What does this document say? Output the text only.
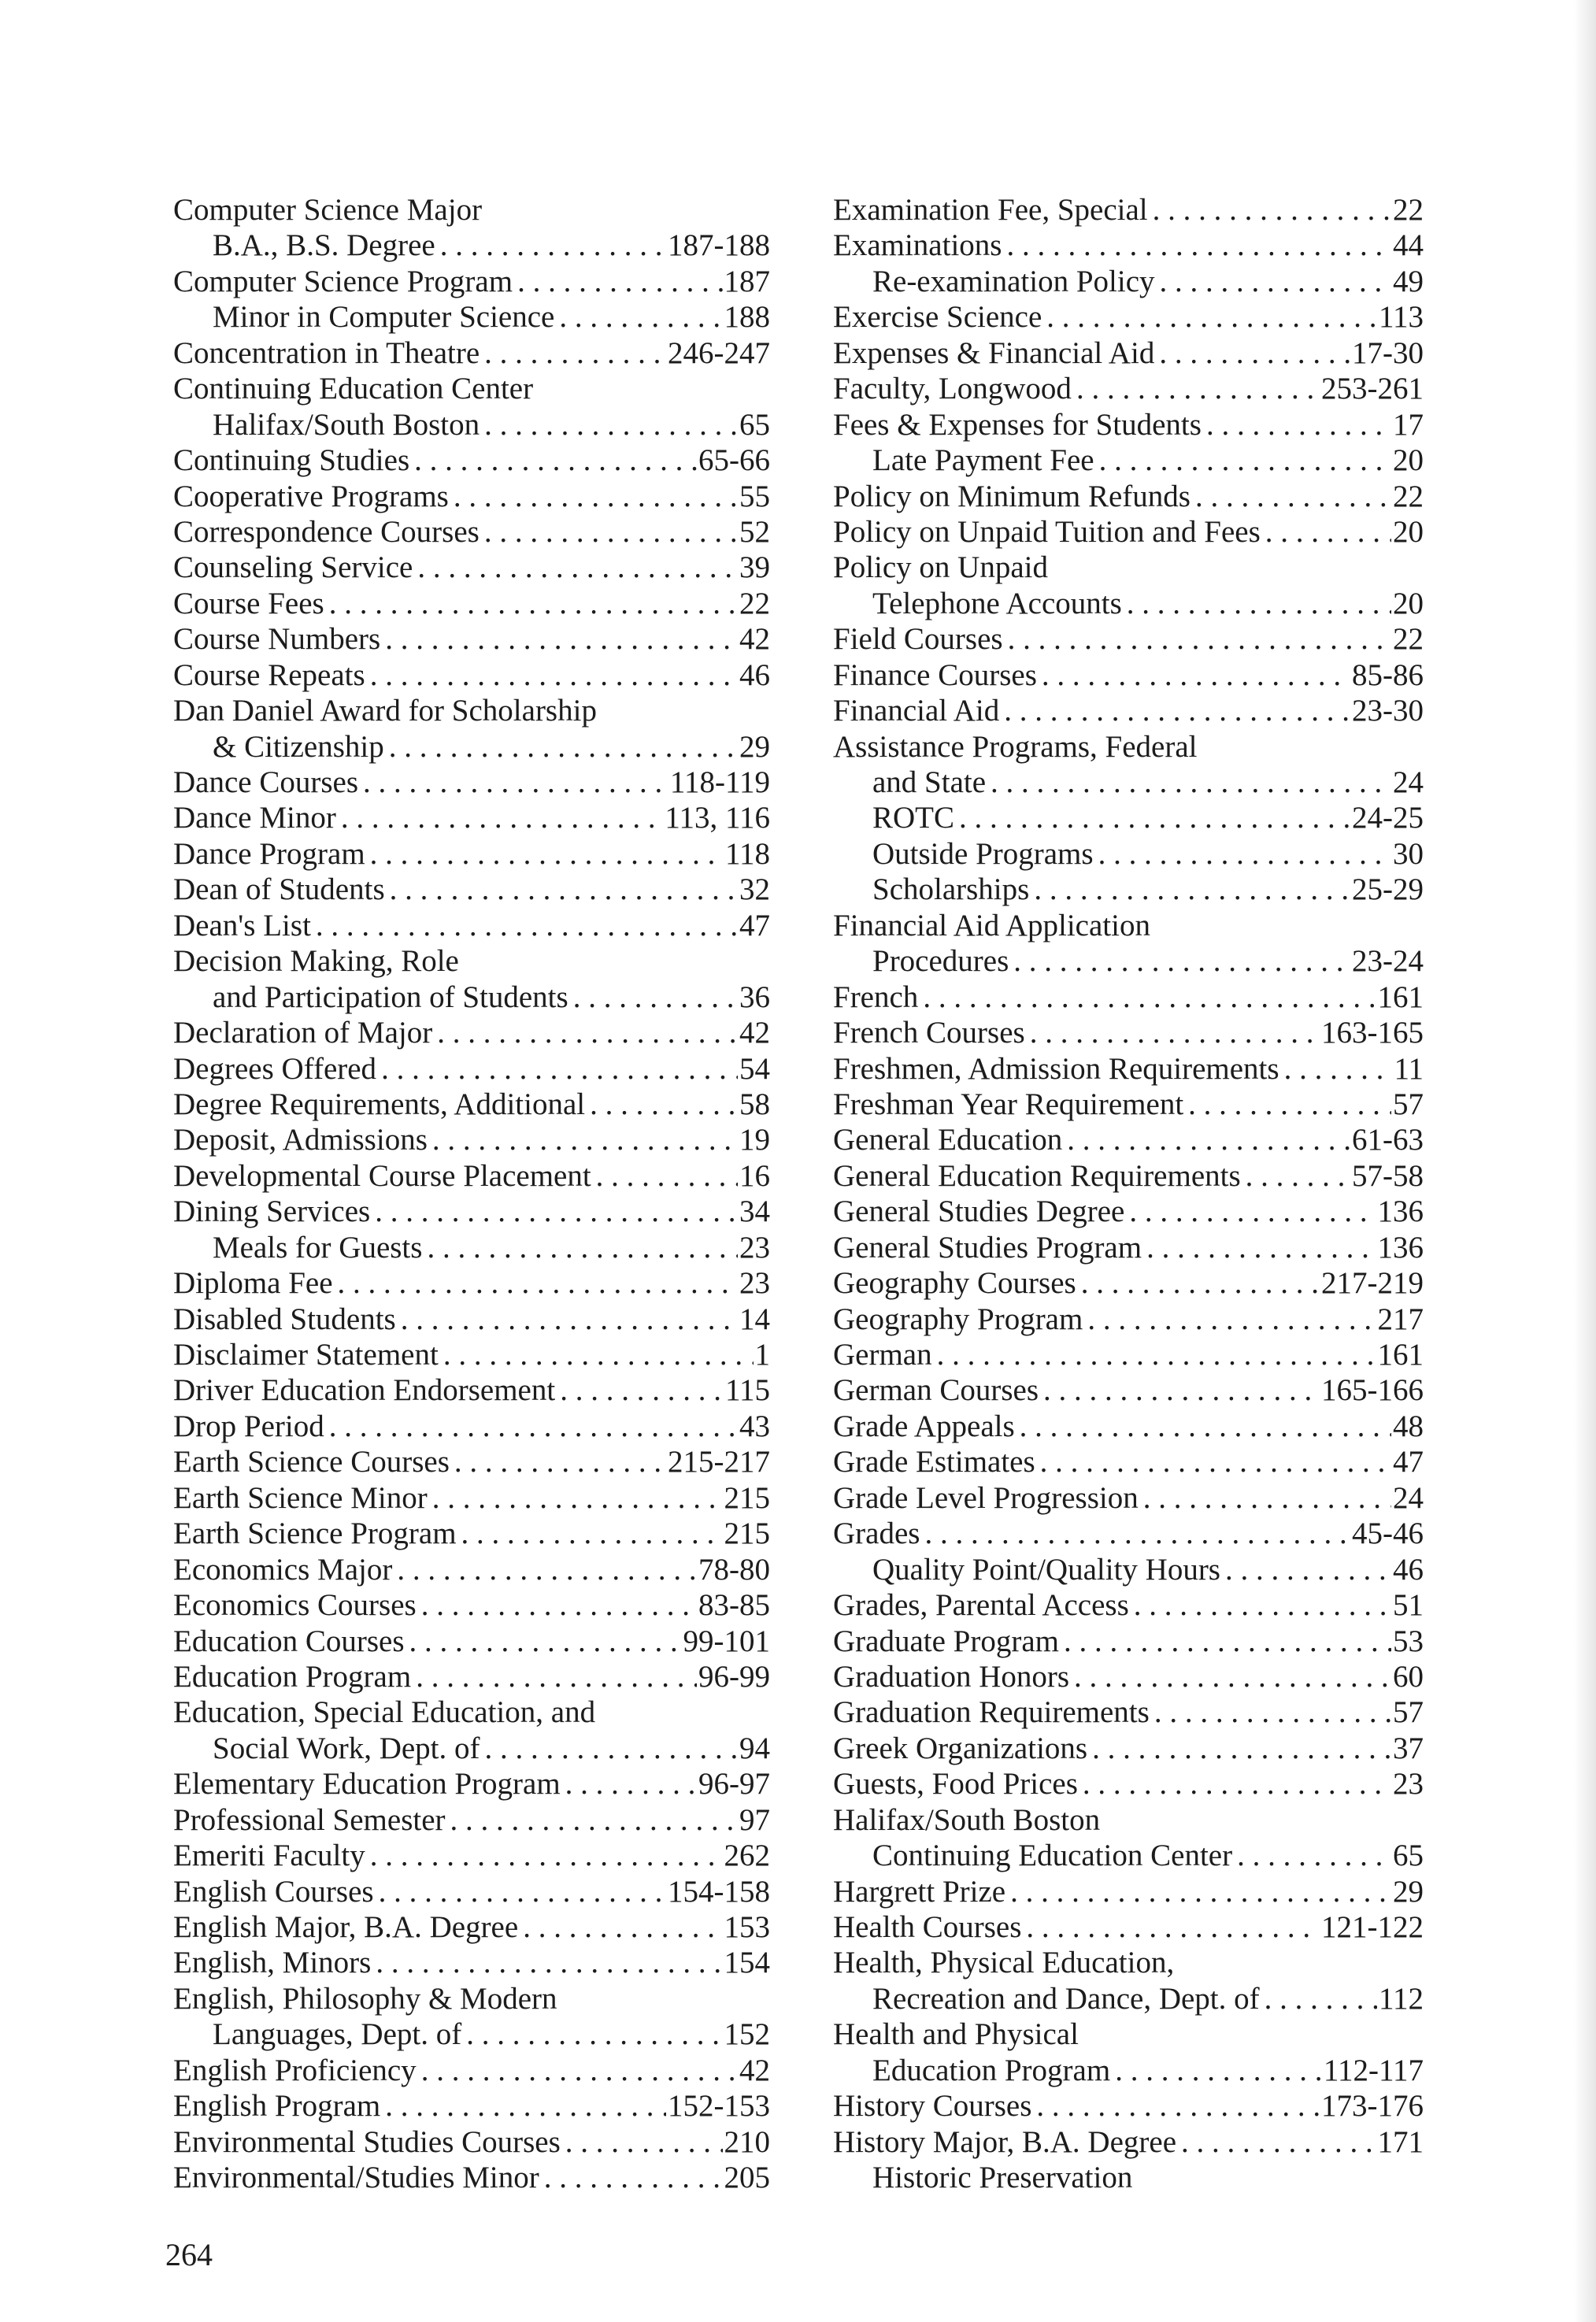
Computer Science Major
B.A., B.S. Degree . . .	187-188
Computer Science Program . . .	187
Minor in Computer Science . . .	188
Concentration in Theatre . . .	246-247
Continuing Education Center
Halifax/South Boston . . .	65
Continuing Studies . . .	65-66
Cooperative Programs . . .	55
Correspondence Courses . . .	52
Counseling Service . . .	39
Course Fees . . .	22
Course Numbers . . .	42
Course Repeats . . .	46
Dan Daniel Award for Scholarship
& Citizenship . . .	29
Dance Courses . . .	118-119
Dance Minor . . .	113, 116
Dance Program . . .	118
Dean of Students . . .	32
Dean's List . . .	47
Decision Making, Role
and Participation of Students . . .	36
Declaration of Major . . .	42
Degrees Offered . . .	54
Degree Requirements, Additional . . .	58
Deposit, Admissions . . .	19
Developmental Course Placement . . .	16
Dining Services . . .	34
Meals for Guests . . .	23
Diploma Fee . . .	23
Disabled Students . . .	14
Disclaimer Statement . . .	1
Driver Education Endorsement . . .	115
Drop Period . . .	43
Earth Science Courses . . .	215-217
Earth Science Minor . . .	215
Earth Science Program . . .	215
Economics Major . . .	78-80
Economics Courses . . .	83-85
Education Courses . . .	99-101
Education Program . . .	96-99
Education, Special Education, and
Social Work, Dept. of . . .	94
Elementary Education Program . . .	96-97
Professional Semester . . .	97
Emeriti Faculty . . .	262
English Courses . . .	154-158
English Major, B.A. Degree . . .	153
English, Minors . . .	154
English, Philosophy & Modern
Languages, Dept. of . . .	152
English Proficiency . . .	42
English Program . . .	152-153
Environmental Studies Courses . . .	210
Environmental/Studies Minor . . .	205
Examination Fee, Special . . .	22
Examinations . . .	44
Re-examination Policy . . .	49
Exercise Science . . .	113
Expenses & Financial Aid . . .	17-30
Faculty, Longwood . . .	253-261
Fees & Expenses for Students . . .	17
Late Payment Fee . . .	20
Policy on Minimum Refunds . . .	22
Policy on Unpaid Tuition and Fees . . .	20
Policy on Unpaid
Telephone Accounts . . .	20
Field Courses . . .	22
Finance Courses . . .	85-86
Financial Aid . . .	23-30
Assistance Programs, Federal
and State . . .	24
ROTC . . .	24-25
Outside Programs . . .	30
Scholarships . . .	25-29
Financial Aid Application
Procedures . . .	23-24
French . . .	161
French Courses . . .	163-165
Freshmen, Admission Requirements . . .	11
Freshman Year Requirement . . .	57
General Education . . .	61-63
General Education Requirements . . .	57-58
General Studies Degree . . .	136
General Studies Program . . .	136
Geography Courses . . .	217-219
Geography Program . . .	217
German . . .	161
German Courses . . .	165-166
Grade Appeals . . .	48
Grade Estimates . . .	47
Grade Level Progression . . .	24
Grades . . .	45-46
Quality Point/Quality Hours . . .	46
Grades, Parental Access . . .	51
Graduate Program . . .	53
Graduation Honors . . .	60
Graduation Requirements . . .	57
Greek Organizations . . .	37
Guests, Food Prices . . .	23
Halifax/South Boston
Continuing Education Center . . .	65
Hargrett Prize . . .	29
Health Courses . . .	121-122
Health, Physical Education,
Recreation and Dance, Dept. of . . .	112
Health and Physical
Education Program . . .	112-117
History Courses . . .	173-176
History Major, B.A. Degree . . .	171
Historic Preservation
264
